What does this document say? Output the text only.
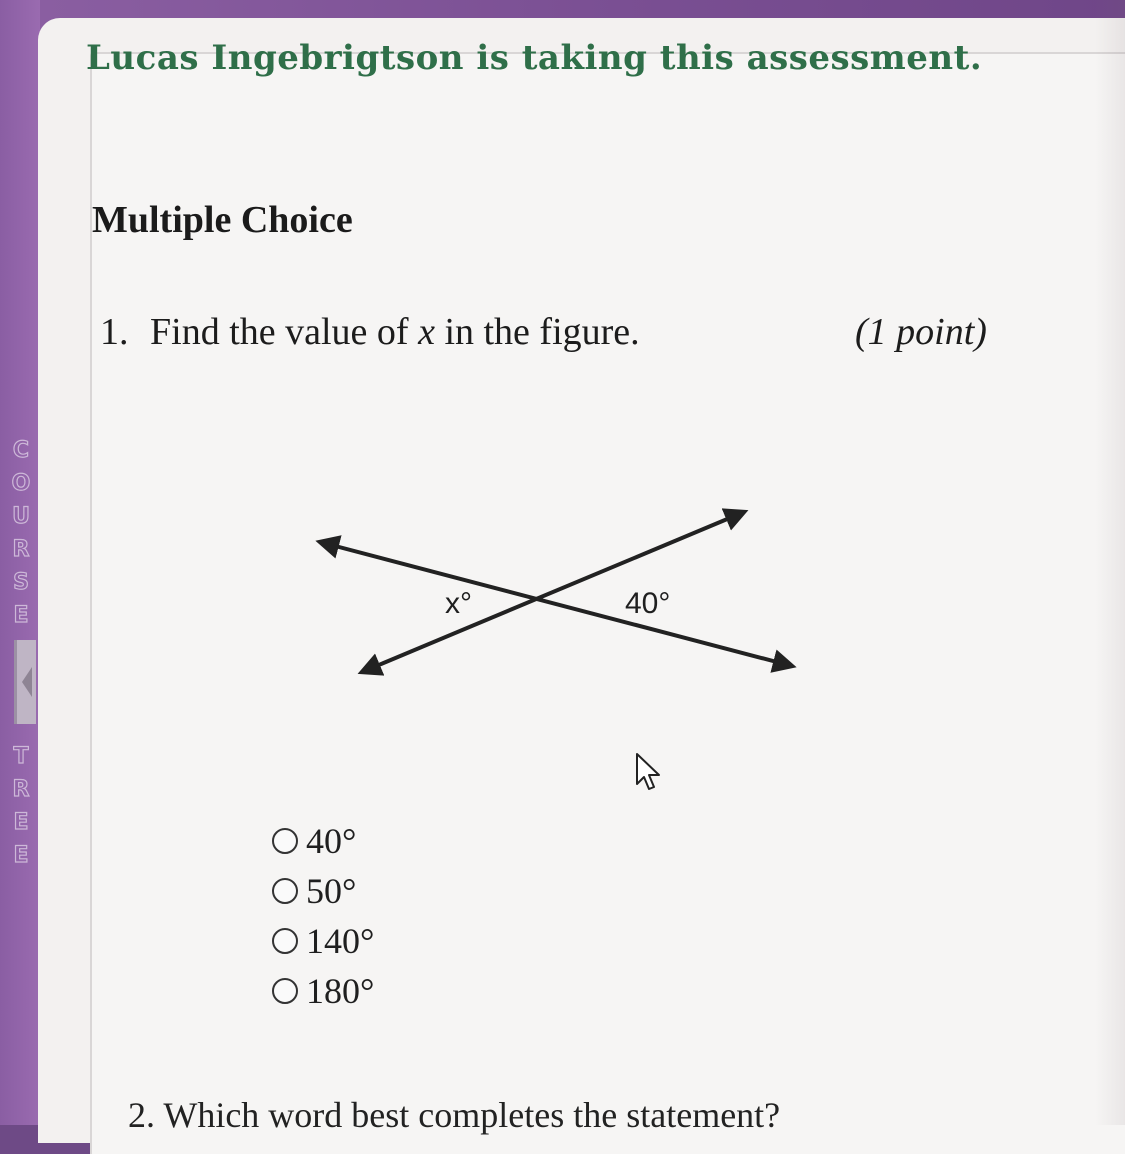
C
O
U
R
S
E
T
R
E
E

Lucas Ingebrigtson is taking this assessment.

Multiple Choice
1. Find the value of x in the figure.	(1 point)
x°	40°
40°
50°
140°
180°
2. Which word best completes the statement?
